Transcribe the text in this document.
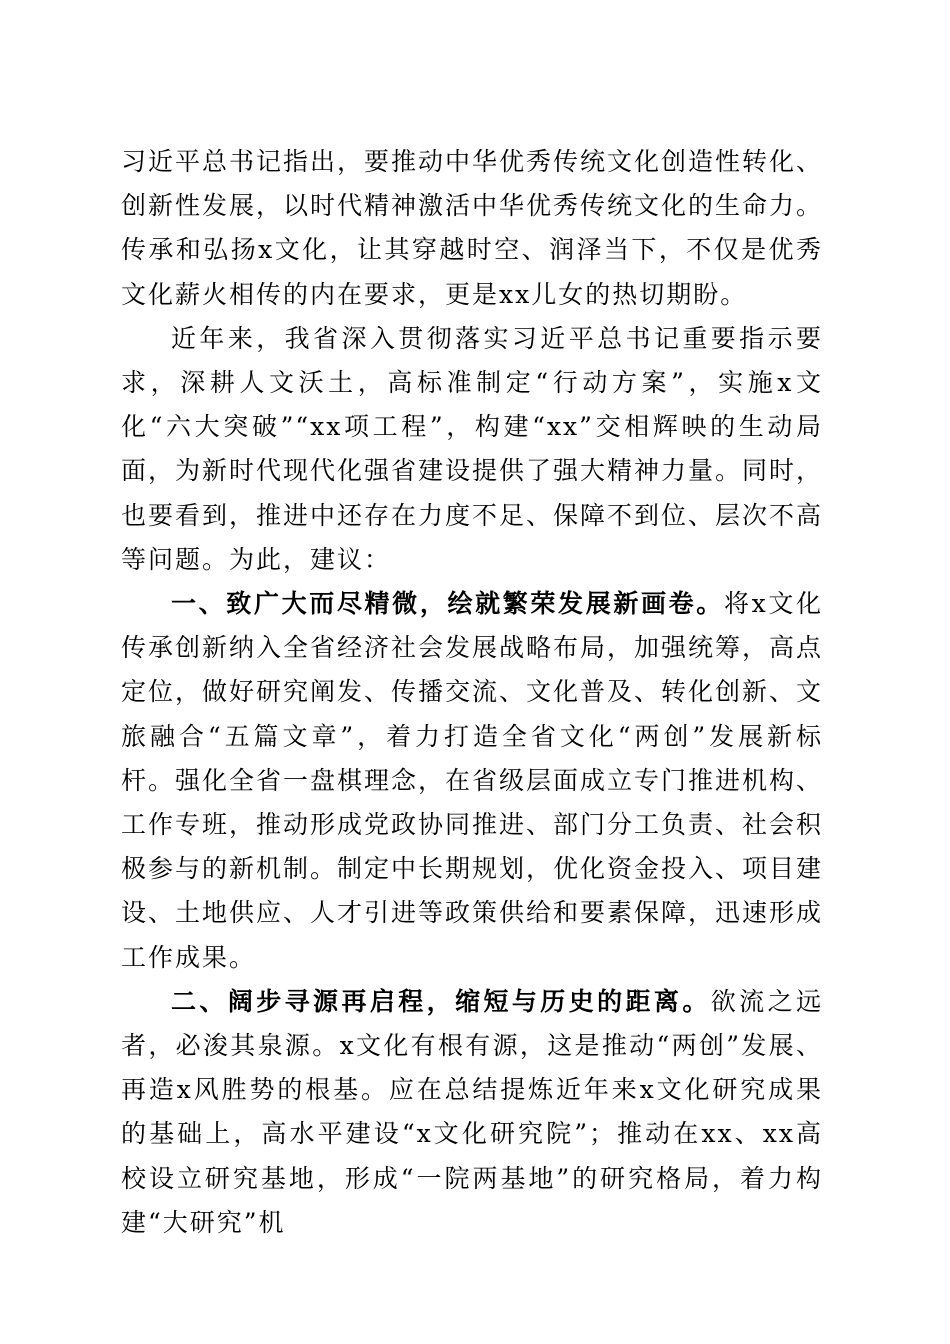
习近平总书记指出，要推动中华优秀传统文化创造性转化、创新性发展，以时代精神激活中华优秀传统文化的生命力。传承和弘扬x文化，让其穿越时空、润泽当下，不仅是优秀文化薪火相传的内在要求，更是xx儿女的热切期盼。

近年来，我省深入贯彻落实习近平总书记重要指示要求，深耕人文沃土，高标准制定“行动方案”，实施x文化“六大突破”“xx项工程”，构建“xx”交相辉映的生动局面，为新时代现代化强省建设提供了强大精神力量。同时，也要看到，推进中还存在力度不足、保障不到位、层次不高等问题。为此，建议：

一、致广大而尽精微，绘就繁荣发展新画卷。将x文化传承创新纳入全省经济社会发展战略布局，加强统筹，高点定位，做好研究阐发、传播交流、文化普及、转化创新、文旅融合“五篇文章”，着力打造全省文化“两创”发展新标杆。强化全省一盘棋理念，在省级层面成立专门推进机构、工作专班，推动形成党政协同推进、部门分工负责、社会积极参与的新机制。制定中长期规划，优化资金投入、项目建设、土地供应、人才引进等政策供给和要素保障，迅速形成工作成果。

二、阔步寻源再启程，缩短与历史的距离。欲流之远者，必浚其泉源。x文化有根有源，这是推动“两创”发展、再造x风胜势的根基。应在总结提炼近年来x文化研究成果的基础上，高水平建设“x文化研究院”；推动在xx、xx高校设立研究基地，形成“一院两基地”的研究格局，着力构建“大研究”机
